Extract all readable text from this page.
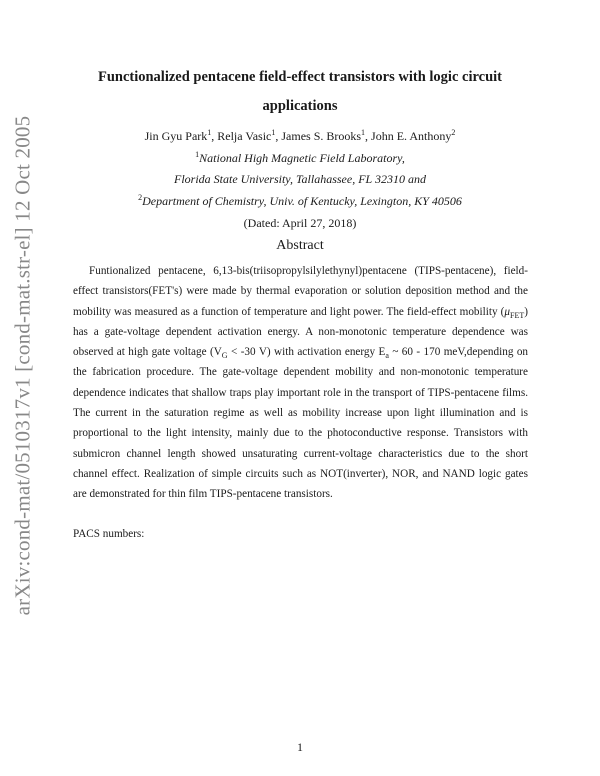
arXiv:cond-mat/0510317v1 [cond-mat.str-el] 12 Oct 2005
Functionalized pentacene field-effect transistors with logic circuit
applications
Jin Gyu Park$^1$, Relja Vasic$^1$, James S. Brooks$^1$, John E. Anthony$^2$
$^1$National High Magnetic Field Laboratory,
Florida State University, Tallahassee, FL 32310 and
$^2$Department of Chemistry, Univ. of Kentucky, Lexington, KY 40506
(Dated: April 27, 2018)
Abstract
Funtionalized pentacene, 6,13-bis(triisopropylsilylethynyl)pentacene (TIPS-pentacene), field-effect transistors(FET's) were made by thermal evaporation or solution deposition method and the mobility was measured as a function of temperature and light power. The field-effect mobility $(\mu_{FET})$ has a gate-voltage dependent activation energy. A non-monotonic temperature dependence was observed at high gate voltage ($V_G < -30$ V) with activation energy $E_a$ ~ 60 - 170 meV,depending on the fabrication procedure. The gate-voltage dependent mobility and non-monotonic temperature dependence indicates that shallow traps play important role in the transport of TIPS-pentacene films. The current in the saturation regime as well as mobility increase upon light illumination and is proportional to the light intensity, mainly due to the photoconductive response. Transistors with submicron channel length showed unsaturating current-voltage characteristics due to the short channel effect. Realization of simple circuits such as NOT(inverter), NOR, and NAND logic gates are demonstrated for thin film TIPS-pentacene transistors.
PACS numbers:
1
